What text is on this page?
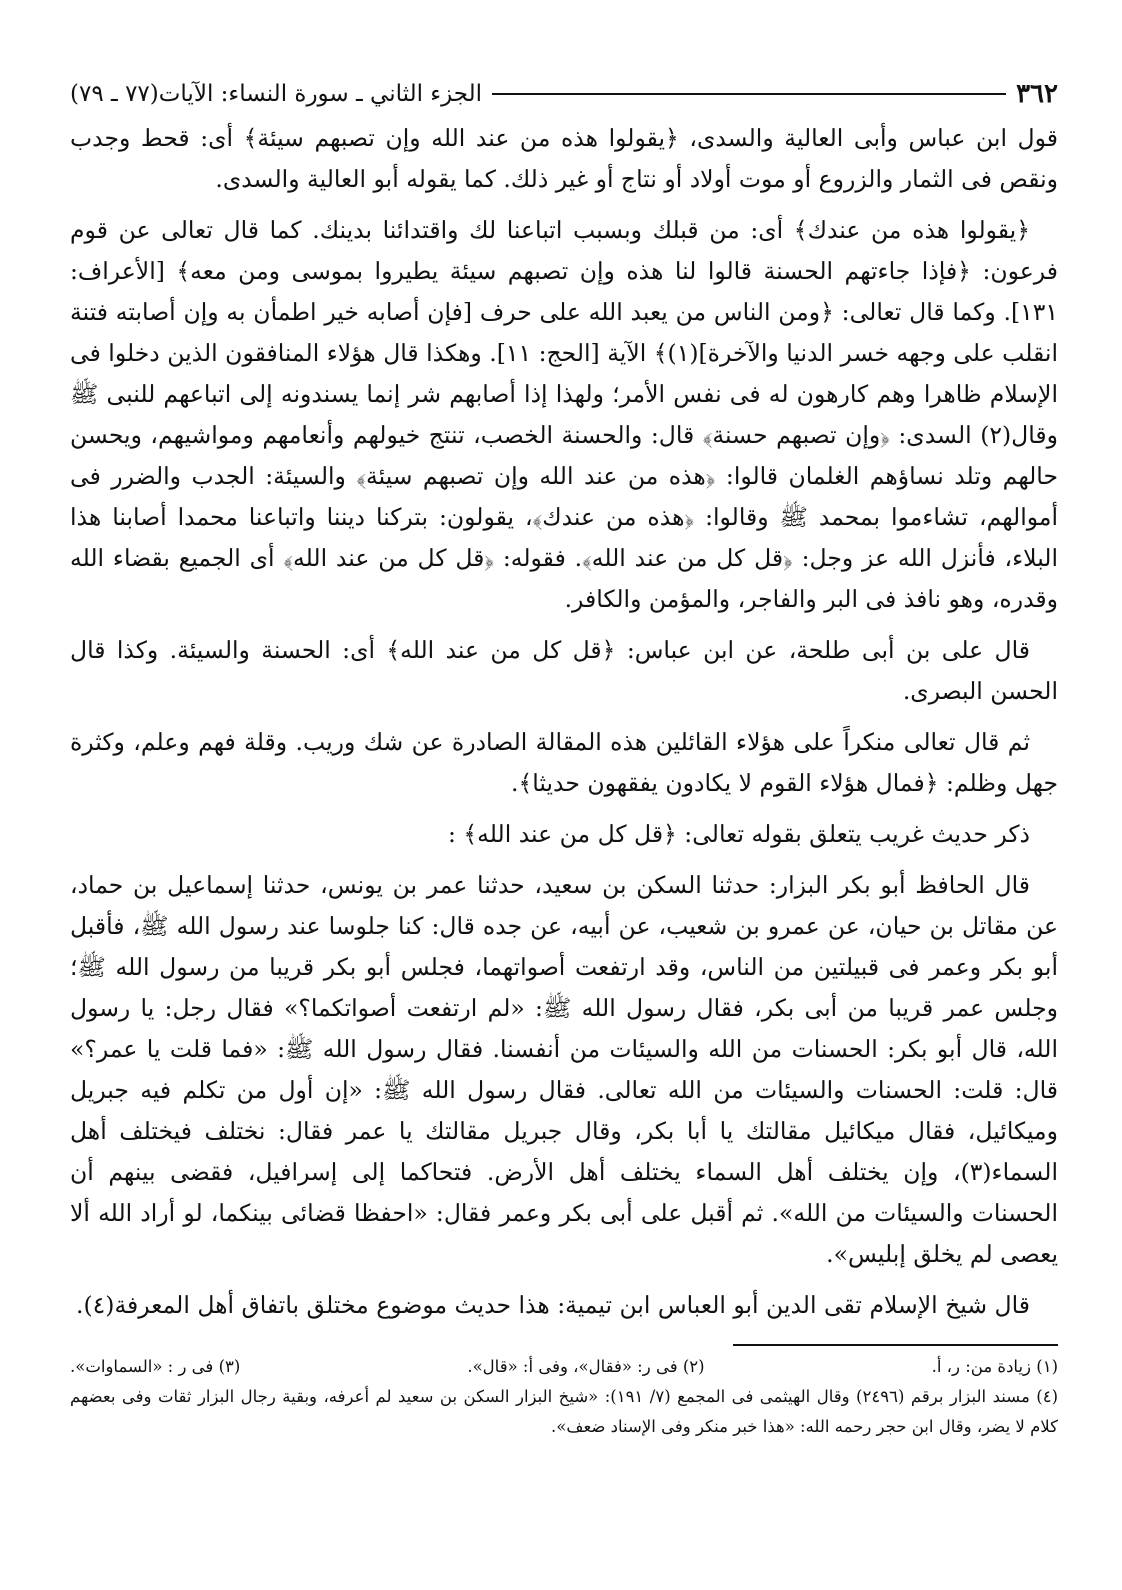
٣٦٢
الجزء الثاني ـ سورة النساء: الآيات(٧٧ ـ ٧٩)

قول ابن عباس وأبى العالية والسدى، ﴿يقولوا هذه من عند الله وإن تصبهم سيئة﴾ أى: قحط وجدب ونقص فى الثمار والزروع أو موت أولاد أو نتاج أو غير ذلك. كما يقوله أبو العالية والسدى.

﴿يقولوا هذه من عندك﴾ أى: من قبلك وبسبب اتباعنا لك واقتدائنا بدينك. كما قال تعالى عن قوم فرعون: ﴿فإذا جاءتهم الحسنة قالوا لنا هذه وإن تصبهم سيئة يطيروا بموسى ومن معه﴾ [الأعراف: ١٣١]. وكما قال تعالى: ﴿ومن الناس من يعبد الله على حرف [فإن أصابه خير اطمأن به وإن أصابته فتنة انقلب على وجهه خسر الدنيا والآخرة](١)﴾ الآية [الحج: ١١]. وهكذا قال هؤلاء المنافقون الذين دخلوا فى الإسلام ظاهرا وهم كارهون له فى نفس الأمر؛ ولهذا إذا أصابهم شر إنما يسندونه إلى اتباعهم للنبى ﷺ وقال(٢) السدى: ﴿وإن تصبهم حسنة﴾ قال: والحسنة الخصب، تنتج خيولهم وأنعامهم ومواشيهم، ويحسن حالهم وتلد نساؤهم الغلمان قالوا: ﴿هذه من عند الله وإن تصبهم سيئة﴾ والسيئة: الجدب والضرر فى أموالهم، تشاءموا بمحمد ﷺ وقالوا: ﴿هذه من عندك﴾، يقولون: بتركنا ديننا واتباعنا محمدا أصابنا هذا البلاء، فأنزل الله عز وجل: ﴿قل كل من عند الله﴾. فقوله: ﴿قل كل من عند الله﴾ أى الجميع بقضاء الله وقدره، وهو نافذ فى البر والفاجر، والمؤمن والكافر.

قال على بن أبى طلحة، عن ابن عباس: ﴿قل كل من عند الله﴾ أى: الحسنة والسيئة. وكذا قال الحسن البصرى.

ثم قال تعالى منكراً على هؤلاء القائلين هذه المقالة الصادرة عن شك وريب. وقلة فهم وعلم، وكثرة جهل وظلم: ﴿فمال هؤلاء القوم لا يكادون يفقهون حديثا﴾.

ذكر حديث غريب يتعلق بقوله تعالى: ﴿قل كل من عند الله﴾ :

قال الحافظ أبو بكر البزار: حدثنا السكن بن سعيد، حدثنا عمر بن يونس، حدثنا إسماعيل بن حماد، عن مقاتل بن حيان، عن عمرو بن شعيب، عن أبيه، عن جده قال: كنا جلوسا عند رسول الله ﷺ، فأقبل أبو بكر وعمر فى قبيلتين من الناس، وقد ارتفعت أصواتهما، فجلس أبو بكر قريبا من رسول الله ﷺ؛ وجلس عمر قريبا من أبى بكر، فقال رسول الله ﷺ: «لم ارتفعت أصواتكما؟» فقال رجل: يا رسول الله، قال أبو بكر: الحسنات من الله والسيئات من أنفسنا. فقال رسول الله ﷺ: «فما قلت يا عمر؟» قال: قلت: الحسنات والسيئات من الله تعالى. فقال رسول الله ﷺ: «إن أول من تكلم فيه جبريل وميكائيل، فقال ميكائيل مقالتك يا أبا بكر، وقال جبريل مقالتك يا عمر فقال: نختلف فيختلف أهل السماء(٣)، وإن يختلف أهل السماء يختلف أهل الأرض. فتحاكما إلى إسرافيل، فقضى بينهم أن الحسنات والسيئات من الله». ثم أقبل على أبى بكر وعمر فقال: «احفظا قضائى بينكما، لو أراد الله ألا يعصى لم يخلق إبليس».

قال شيخ الإسلام تقى الدين أبو العباس ابن تيمية: هذا حديث موضوع مختلق باتفاق أهل المعرفة(٤).

(١) زيادة من: ر، أ.
(٢) فى ر: «فقال»، وفى أ: «قال».
(٣) فى ر : «السماوات».

(٤) مسند البزار برقم (٢٤٩٦) وقال الهيثمى فى المجمع (٧/ ١٩١): «شيخ البزار السكن بن سعيد لم أعرفه، وبقية رجال البزار ثقات وفى بعضهم كلام لا يضر، وقال ابن حجر رحمه الله: «هذا خبر منكر وفى الإسناد ضعف».
